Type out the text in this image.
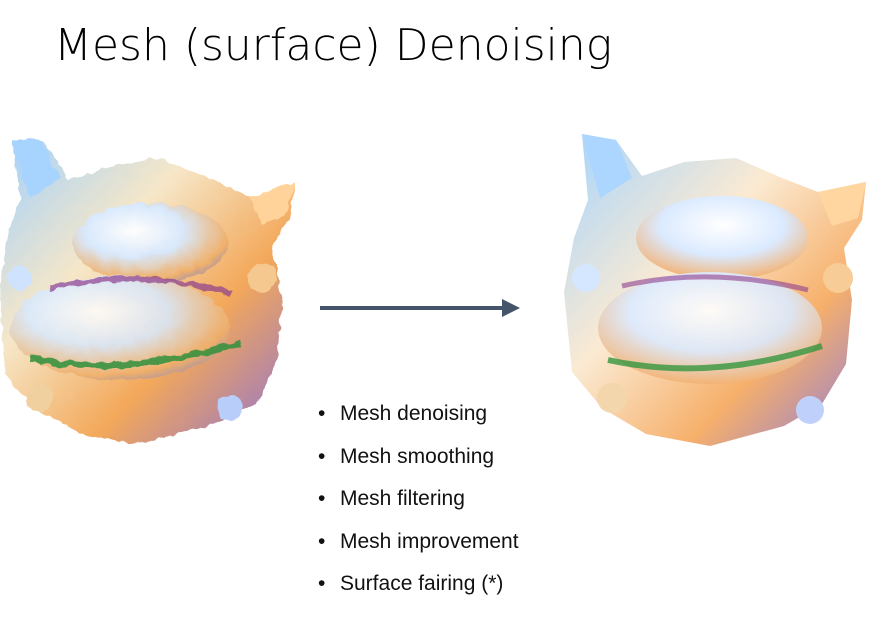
Mesh (surface) Denoising
• Mesh denoising
• Mesh smoothing
• Mesh filtering
• Mesh improvement
• Surface fairing (*)
